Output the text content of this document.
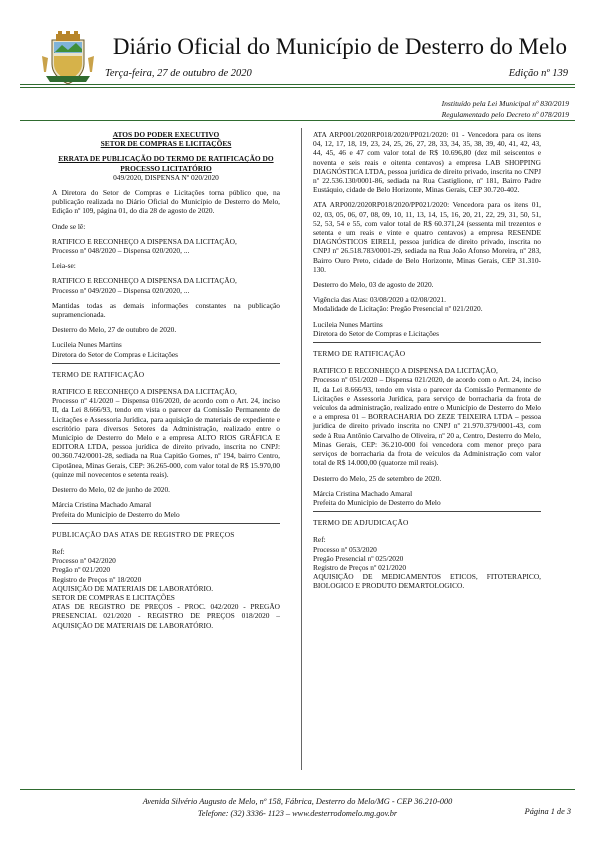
Diário Oficial do Município de Desterro do Melo
Terça-feira, 27 de outubro de 2020	Edição nº 139
Instituído pela Lei Municipal nº 830/2019
Regulamentado pelo Decreto nº 078/2019

ATOS DO PODER EXECUTIVO

SETOR DE COMPRAS E LICITAÇÕES

ERRATA DE PUBLICAÇÃO DO TERMO DE RATIFICAÇÃO DO PROCESSO LICITATÓRIO

049/2020, DISPENSA Nº 020/2020

A Diretora do Setor de Compras e Licitações torna público que, na publicação realizada no Diário Oficial do Município de Desterro do Melo, Edição nº 109, página 01, do dia 28 de agosto de 2020.

Onde se lê:

RATIFICO E RECONHEÇO A DISPENSA DA LICITAÇÃO,

Processo nº 048/2020 – Dispensa 020/2020, ...

Leia-se:

RATIFICO E RECONHEÇO A DISPENSA DA LICITAÇÃO,

Processo nº 049/2020 – Dispensa 020/2020, ...

Mantidas todas as demais informações constantes na publicação supramencionada.

Desterro do Melo, 27 de outubro de 2020.

Lucileia Nunes Martins

Diretora do Setor de Compras e Licitações

TERMO DE RATIFICAÇÃO

RATIFICO E RECONHEÇO A DISPENSA DA LICITAÇÃO,

Processo nº 41/2020 – Dispensa 016/2020, de acordo com o Art. 24, inciso II, da Lei 8.666/93, tendo em vista o parecer da Comissão Permanente de Licitações e Assessoria Jurídica, para aquisição de materiais de expediente e escritório para diversos Setores da Administração, realizado entre o Município de Desterro do Melo e a empresa ALTO RIOS GRÁFICA E EDITORA LTDA, pessoa jurídica de direito privado, inscrita no CNPJ: 00.360.742/0001-28, sediada na Rua Capitão Gomes, nº 194, bairro Centro, Cipotânea, Minas Gerais, CEP: 36.265-000, com valor total de R$ 15.970,00 (quinze mil novecentos e setenta reais).

Desterro do Melo, 02 de junho de 2020.

Márcia Cristina Machado Amaral

Prefeita do Município de Desterro do Melo

PUBLICAÇÃO DAS ATAS DE REGISTRO DE PREÇOS

Ref:

Processo nº 042/2020

Pregão nº 021/2020

Registro de Preços nº 18/2020

AQUISIÇÃO DE MATERIAIS DE LABORATÓRIO.

SETOR DE COMPRAS E LICITAÇÕES

ATAS DE REGISTRO DE PREÇOS - PROC. 042/2020 - PREGÃO PRESENCIAL 021/2020 - REGISTRO DE PREÇOS 018/2020 – AQUISIÇÃO DE MATERIAIS DE LABORATÓRIO.

ATA ARP001/2020RP018/2020/PP021/2020: 01 - Vencedora para os itens 04, 12, 17, 18, 19, 23, 24, 25, 26, 27, 28, 33, 34, 35, 38, 39, 40, 41, 42, 43, 44, 45, 46 e 47 com valor total de R$ 10.696,80 (dez mil seiscentos e noventa e seis reais e oitenta centavos) a empresa LAB SHOPPING DIAGNÓSTICA LTDA, pessoa jurídica de direito privado, inscrita no CNPJ nº 22.536.130/0001-86, sediada na Rua Castiglione, nº 181, Bairro Padre Eustáquio, cidade de Belo Horizonte, Minas Gerais, CEP 30.720-402.

ATA ARP002/2020RP018/2020/PP021/2020: Vencedora para os itens 01, 02, 03, 05, 06, 07, 08, 09, 10, 11, 13, 14, 15, 16, 20, 21, 22, 29, 31, 50, 51, 52, 53, 54 e 55, com valor total de R$ 60.371,24 (sessenta mil trezentos e setenta e um reais e vinte e quatro centavos) a empresa RESENDE DIAGNÓSTICOS EIRELI, pessoa jurídica de direito privado, inscrita no CNPJ nº 26.518.783/0001-29, sediada na Rua João Afonso Moreira, nº 283, Bairro Ouro Preto, cidade de Belo Horizonte, Minas Gerais, CEP 31.310-130.

Desterro do Melo, 03 de agosto de 2020.

Vigência das Atas: 03/08/2020 a 02/08/2021.

Modalidade de Licitação: Pregão Presencial nº 021/2020.

Lucileia Nunes Martins

Diretora do Setor de Compras e Licitações

TERMO DE RATIFICAÇÃO

RATIFICO E RECONHEÇO A DISPENSA DA LICITAÇÃO,

Processo nº 051/2020 – Dispensa 021/2020, de acordo com o Art. 24, inciso II, da Lei 8.666/93, tendo em vista o parecer da Comissão Permanente de Licitações e Assessoria Jurídica, para serviço de borracharia da frota de veículos da administração, realizado entre o Município de Desterro do Melo e a empresa 01 – BORRACHARIA DO ZEZE TEIXEIRA LTDA – pessoa jurídica de direito privado inscrita no CNPJ nº 21.970.379/0001-43, com sede à Rua Antônio Carvalho de Oliveira, nº 20 a, Centro, Desterro do Melo, Minas Gerais, CEP: 36.210-000 foi vencedora com menor preço para serviços de borracharia da frota de veículos da Administração com valor total de R$ 14.000,00 (quatorze mil reais).

Desterro do Melo, 25 de setembro de 2020.

Márcia Cristina Machado Amaral

Prefeita do Município de Desterro do Melo

TERMO DE ADJUDICAÇÃO

Ref:

Processo nº 053/2020

Pregão Presencial nº 025/2020

Registro de Preços nº 021/2020

AQUISIÇÃO DE MEDICAMENTOS ETICOS, FITOTERAPICO, BIOLOGICO E PRODUTO DEMARTOLOGICO.

Avenida Silvério Augusto de Melo, nº 158, Fábrica, Desterro do Melo/MG - CEP 36.210-000
Telefone: (32) 3336- 1123 – www.desterrodomelo.mg.gov.br	Página 1 de 3
